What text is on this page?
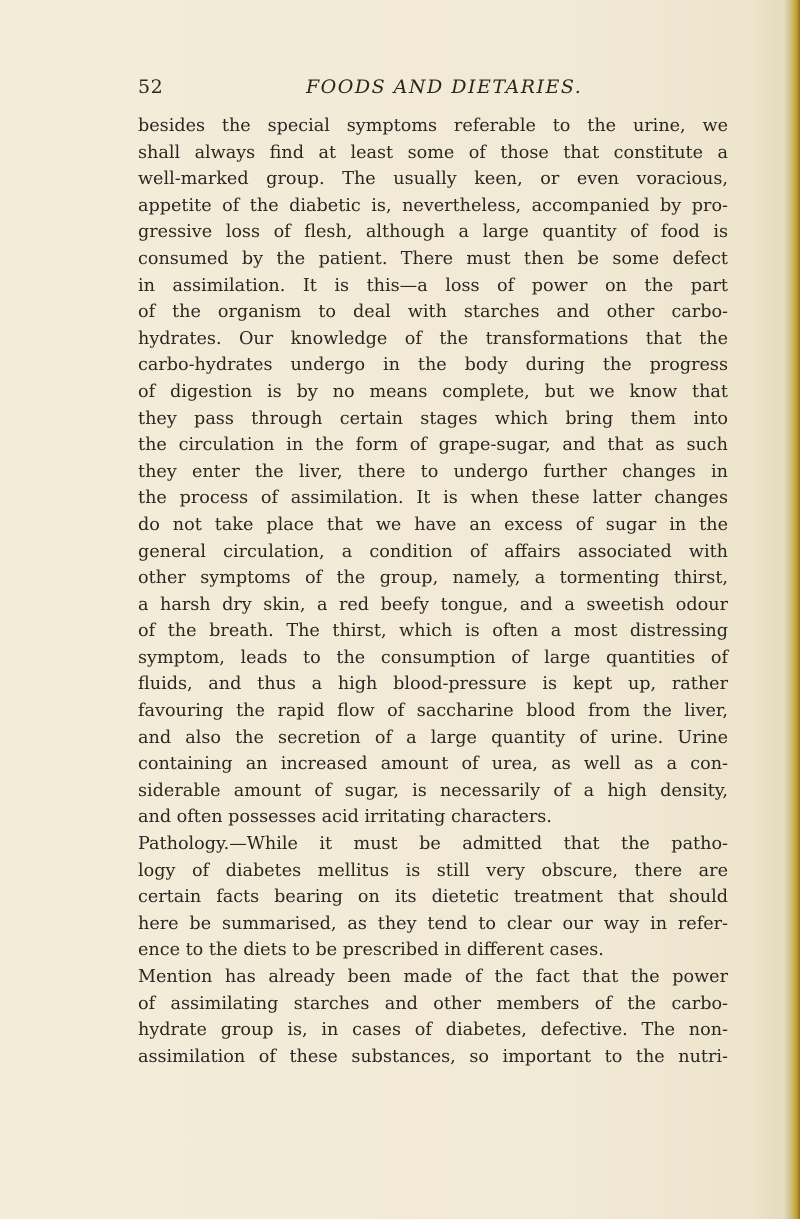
52	FOODS AND DIETARIES.
besides the special symptoms referable to the urine, we
shall always find at least some of those that constitute a
well-marked group. The usually keen, or even voracious,
appetite of the diabetic is, nevertheless, accompanied by pro-
gressive loss of flesh, although a large quantity of food is
consumed by the patient. There must then be some defect
in assimilation. It is this—a loss of power on the part
of the organism to deal with starches and other carbo-
hydrates. Our knowledge of the transformations that the
carbo-hydrates undergo in the body during the progress
of digestion is by no means complete, but we know that
they pass through certain stages which bring them into
the circulation in the form of grape-sugar, and that as such
they enter the liver, there to undergo further changes in
the process of assimilation. It is when these latter changes
do not take place that we have an excess of sugar in the
general circulation, a condition of affairs associated with
other symptoms of the group, namely, a tormenting thirst,
a harsh dry skin, a red beefy tongue, and a sweetish odour
of the breath. The thirst, which is often a most distressing
symptom, leads to the consumption of large quantities of
fluids, and thus a high blood-pressure is kept up, rather
favouring the rapid flow of saccharine blood from the liver,
and also the secretion of a large quantity of urine. Urine
containing an increased amount of urea, as well as a con-
siderable amount of sugar, is necessarily of a high density,
and often possesses acid irritating characters.
Pathology.—While it must be admitted that the patho-
logy of diabetes mellitus is still very obscure, there are
certain facts bearing on its dietetic treatment that should
here be summarised, as they tend to clear our way in refer-
ence to the diets to be prescribed in different cases.
Mention has already been made of the fact that the power
of assimilating starches and other members of the carbo-
hydrate group is, in cases of diabetes, defective. The non-
assimilation of these substances, so important to the nutri-
